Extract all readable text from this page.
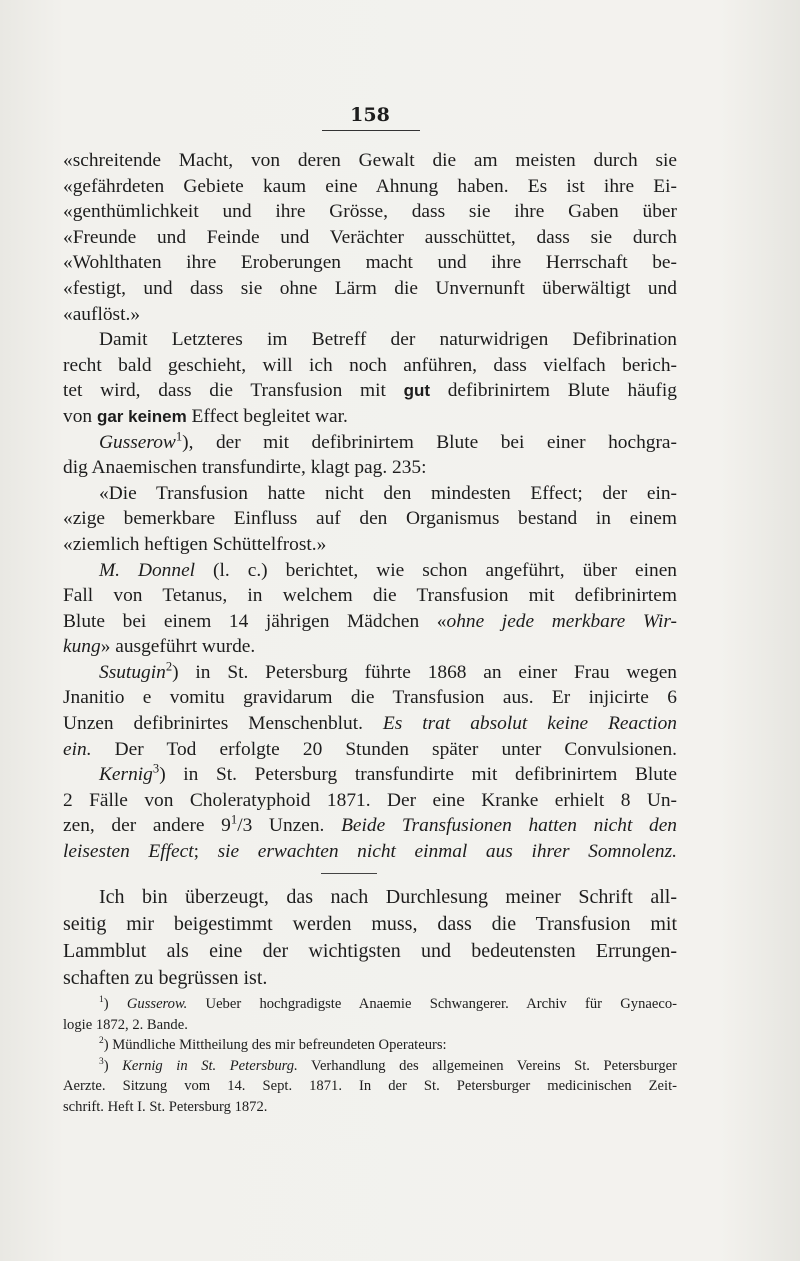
158
«schreitende Macht, von deren Gewalt die am meisten durch sie
«gefährdeten Gebiete kaum eine Ahnung haben. Es ist ihre Ei-
«genthümlichkeit und ihre Grösse, dass sie ihre Gaben über
«Freunde und Feinde und Verächter ausschüttet, dass sie durch
«Wohlthaten ihre Eroberungen macht und ihre Herrschaft be-
«festigt, und dass sie ohne Lärm die Unvernunft überwältigt und
«auflöst.»
Damit Letzteres im Betreff der naturwidrigen Defibrination
recht bald geschieht, will ich noch anführen, dass vielfach berich-
tet wird, dass die Transfusion mit gut defibrinirtem Blute häufig
von gar keinem Effect begleitet war.
Gusserow$^1$), der mit defibrinirtem Blute bei einer hochgra-
dig Anaemischen transfundirte, klagt pag. 235:
«Die Transfusion hatte nicht den mindesten Effect; der ein-
«zige bemerkbare Einfluss auf den Organismus bestand in einem
«ziemlich heftigen Schüttelfrost.»
M. Donnel (l. c.) berichtet, wie schon angeführt, über einen
Fall von Tetanus, in welchem die Transfusion mit defibrinirtem
Blute bei einem 14 jährigen Mädchen «ohne jede merkbare Wir-
kung» ausgeführt wurde.
Ssutugin$^2$) in St. Petersburg führte 1868 an einer Frau wegen
Jnanitio e vomitu gravidarum die Transfusion aus. Er injicirte 6
Unzen defibrinirtes Menschenblut. Es trat absolut keine Reaction
ein. Der Tod erfolgte 20 Stunden später unter Convulsionen.
Kernig$^3$) in St. Petersburg transfundirte mit defibrinirtem Blute
2 Fälle von Choleratyphoid 1871. Der eine Kranke erhielt 8 Un-
zen, der andere $9^1/3$ Unzen. Beide Transfusionen hatten nicht den
leisesten Effect; sie erwachten nicht einmal aus ihrer Somnolenz.
Ich bin überzeugt, das nach Durchlesung meiner Schrift all-
seitig mir beigestimmt werden muss, dass die Transfusion mit
Lammblut als eine der wichtigsten und bedeutensten Errungen-
schaften zu begrüssen ist.
$^1$) Gusserow. Ueber hochgradigste Anaemie Schwangerer. Archiv für Gynaeco-
logie 1872, 2. Bande.
$^2$) Mündliche Mittheilung des mir befreundeten Operateurs:
$^3$) Kernig in St. Petersburg. Verhandlung des allgemeinen Vereins St. Petersburger
Aerzte. Sitzung vom 14. Sept. 1871. In der St. Petersburger medicinischen Zeit-
schrift. Heft I. St. Petersburg 1872.
